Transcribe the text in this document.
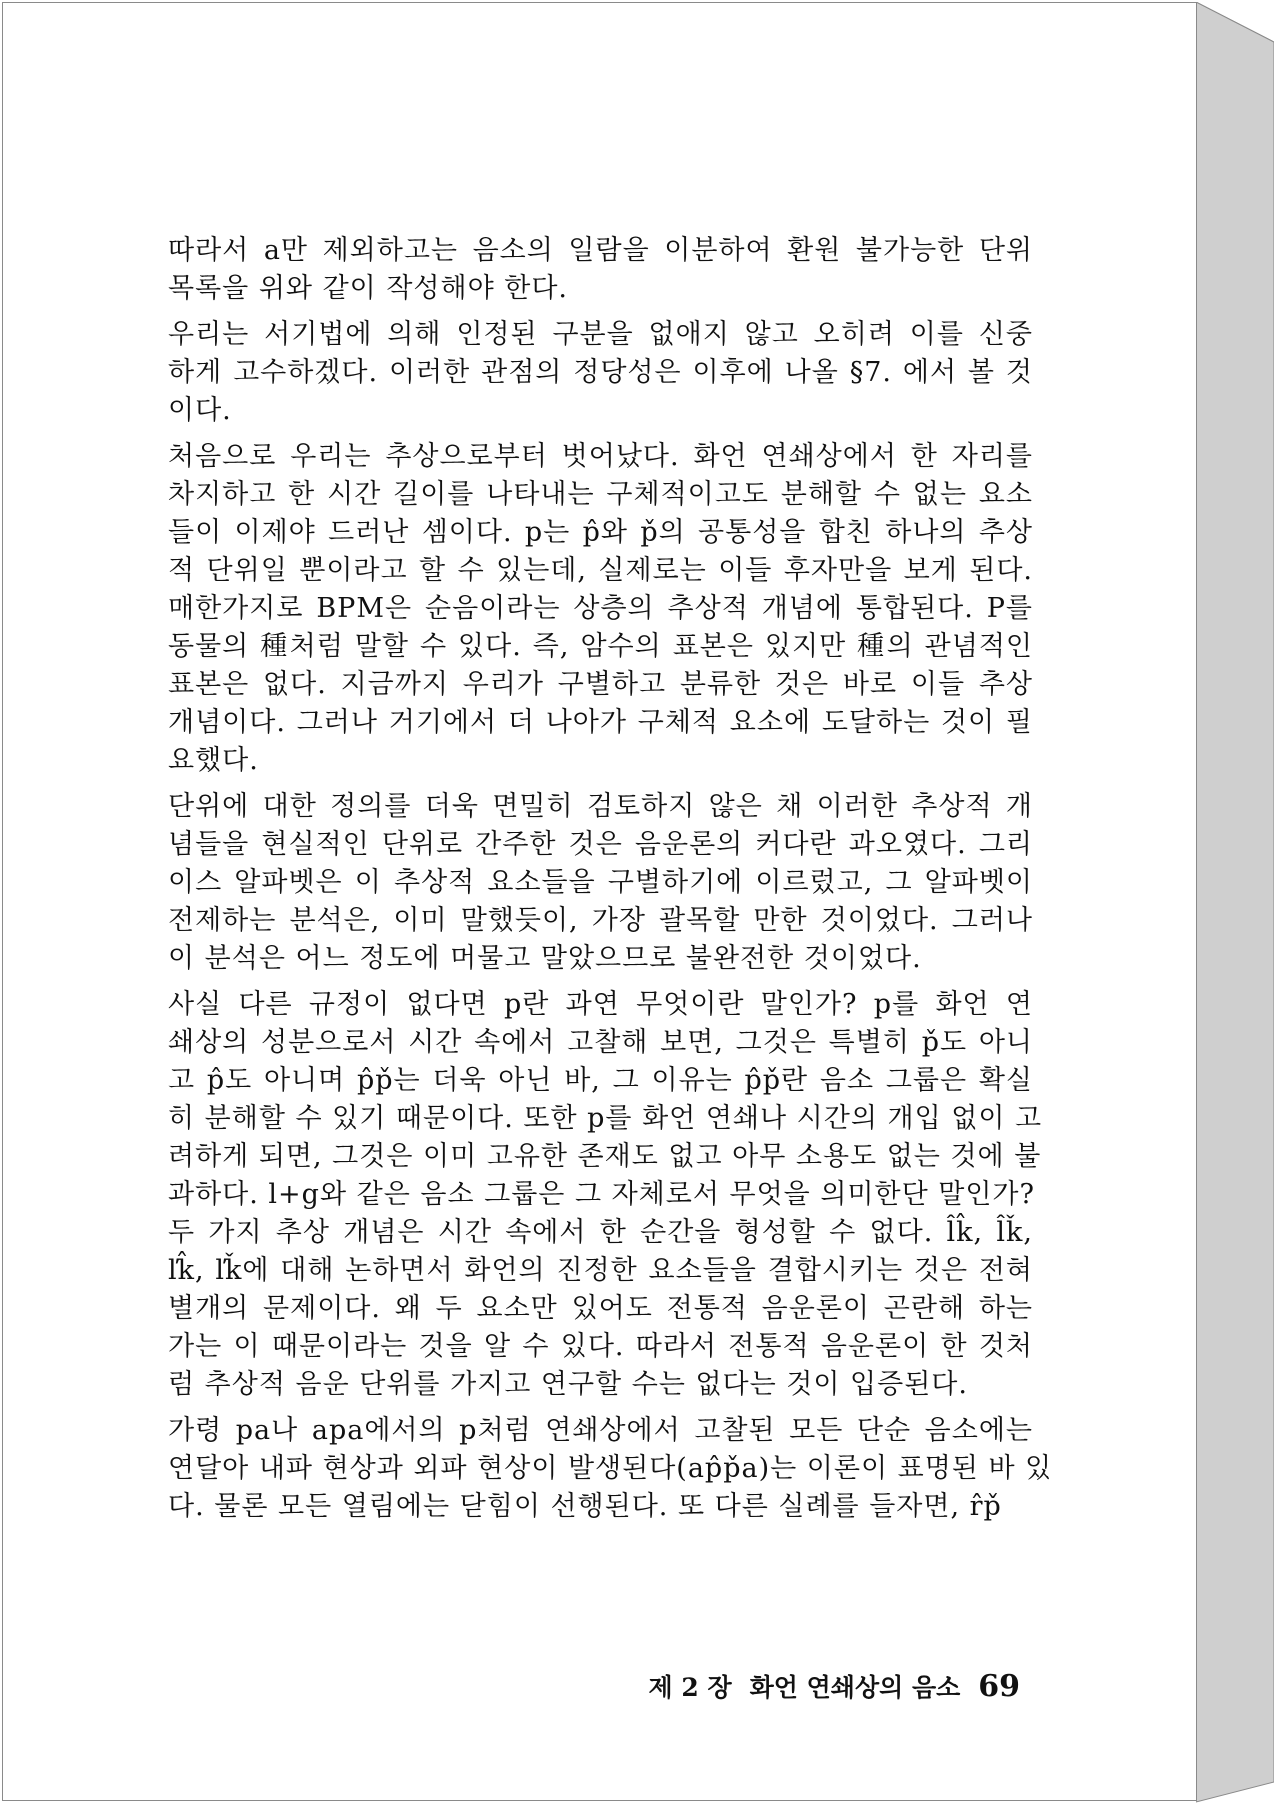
따라서 a만 제외하고는 음소의 일람을 이분하여 환원 불가능한 단위
목록을 위와 같이 작성해야 한다.
우리는 서기법에 의해 인정된 구분을 없애지 않고 오히려 이를 신중
하게 고수하겠다. 이러한 관점의 정당성은 이후에 나올 §7. 에서 볼 것
이다.
처음으로 우리는 추상으로부터 벗어났다. 화언 연쇄상에서 한 자리를
차지하고 한 시간 길이를 나타내는 구체적이고도 분해할 수 없는 요소
들이 이제야 드러난 셈이다. p는 p̂와 p̌의 공통성을 합친 하나의 추상
적 단위일 뿐이라고 할 수 있는데, 실제로는 이들 후자만을 보게 된다.
매한가지로 BPM은 순음이라는 상층의 추상적 개념에 통합된다. P를
동물의 種처럼 말할 수 있다. 즉, 암수의 표본은 있지만 種의 관념적인
표본은 없다. 지금까지 우리가 구별하고 분류한 것은 바로 이들 추상
개념이다. 그러나 거기에서 더 나아가 구체적 요소에 도달하는 것이 필
요했다.
단위에 대한 정의를 더욱 면밀히 검토하지 않은 채 이러한 추상적 개
념들을 현실적인 단위로 간주한 것은 음운론의 커다란 과오였다. 그리
이스 알파벳은 이 추상적 요소들을 구별하기에 이르렀고, 그 알파벳이
전제하는 분석은, 이미 말했듯이, 가장 괄목할 만한 것이었다. 그러나
이 분석은 어느 정도에 머물고 말았으므로 불완전한 것이었다.
사실 다른 규정이 없다면 p란 과연 무엇이란 말인가? p를 화언 연
쇄상의 성분으로서 시간 속에서 고찰해 보면, 그것은 특별히 p̌도 아니
고 p̂도 아니며 p̂p̌는 더욱 아닌 바, 그 이유는 p̂p̌란 음소 그룹은 확실
히 분해할 수 있기 때문이다. 또한 p를 화언 연쇄나 시간의 개입 없이 고
려하게 되면, 그것은 이미 고유한 존재도 없고 아무 소용도 없는 것에 불
과하다. l+g와 같은 음소 그룹은 그 자체로서 무엇을 의미한단 말인가?
두 가지 추상 개념은 시간 속에서 한 순간을 형성할 수 없다. l̂k̂, l̂ǩ,
ľk̂, ľǩ에 대해 논하면서 화언의 진정한 요소들을 결합시키는 것은 전혀
별개의 문제이다. 왜 두 요소만 있어도 전통적 음운론이 곤란해 하는
가는 이 때문이라는 것을 알 수 있다. 따라서 전통적 음운론이 한 것처
럼 추상적 음운 단위를 가지고 연구할 수는 없다는 것이 입증된다.
가령 pa나 apa에서의 p처럼 연쇄상에서 고찰된 모든 단순 음소에는
연달아 내파 현상과 외파 현상이 발생된다(ap̂p̌a)는 이론이 표명된 바 있
다. 물론 모든 열림에는 닫힘이 선행된다. 또 다른 실례를 들자면, r̂p̌
제 2 장 화언 연쇄상의 음소 69
